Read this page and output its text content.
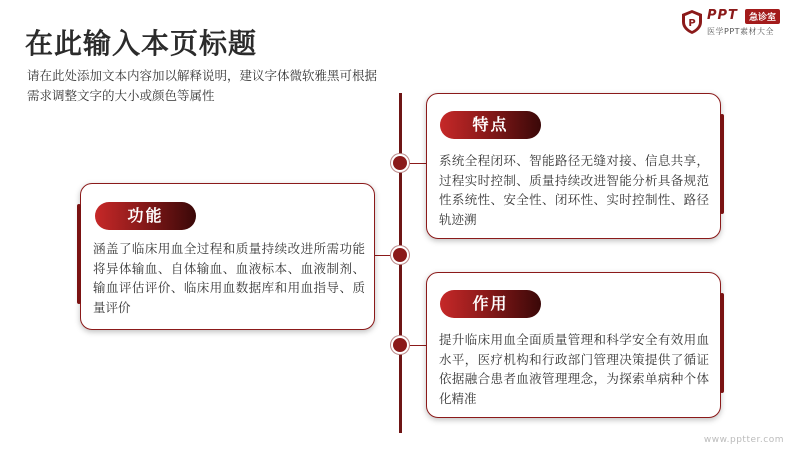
在此输入本页标题
请在此处添加文本内容加以解释说明，建议字体微软雅黑可根据需求调整文字的大小或颜色等属性
P
PPT	急诊室
医学PPT素材大全
系统全程闭环、智能路径无缝对接、信息共享，过程实时控制、质量持续改进智能分析具备规范性系统性、安全性、闭环性、实时控制性、路径轨迹溯
特点
涵盖了临床用血全过程和质量持续改进所需功能将异体输血、自体输血、血液标本、血液制剂、输血评估评价、临床用血数据库和用血指导、质量评价
功能
提升临床用血全面质量管理和科学安全有效用血水平，医疗机构和行政部门管理决策提供了循证依据融合患者血液管理理念，为探索单病种个体化精准
作用
www.pptter.com
